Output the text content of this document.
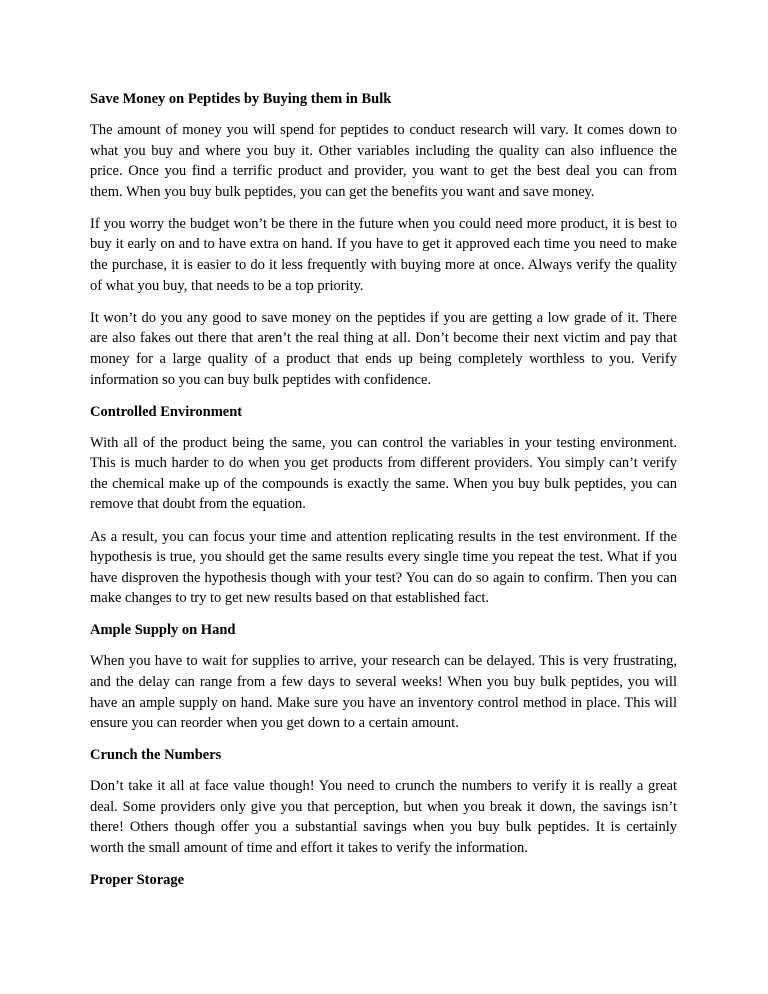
Save Money on Peptides by Buying them in Bulk

The amount of money you will spend for peptides to conduct research will vary. It comes down to what you buy and where you buy it. Other variables including the quality can also influence the price. Once you find a terrific product and provider, you want to get the best deal you can from them. When you buy bulk peptides, you can get the benefits you want and save money.

If you worry the budget won’t be there in the future when you could need more product, it is best to buy it early on and to have extra on hand. If you have to get it approved each time you need to make the purchase, it is easier to do it less frequently with buying more at once. Always verify the quality of what you buy, that needs to be a top priority.

It won’t do you any good to save money on the peptides if you are getting a low grade of it. There are also fakes out there that aren’t the real thing at all. Don’t become their next victim and pay that money for a large quality of a product that ends up being completely worthless to you. Verify information so you can buy bulk peptides with confidence.

Controlled Environment

With all of the product being the same, you can control the variables in your testing environment. This is much harder to do when you get products from different providers. You simply can’t verify the chemical make up of the compounds is exactly the same. When you buy bulk peptides, you can remove that doubt from the equation.

As a result, you can focus your time and attention replicating results in the test environment. If the hypothesis is true, you should get the same results every single time you repeat the test. What if you have disproven the hypothesis though with your test? You can do so again to confirm. Then you can make changes to try to get new results based on that established fact.

Ample Supply on Hand

When you have to wait for supplies to arrive, your research can be delayed. This is very frustrating, and the delay can range from a few days to several weeks! When you buy bulk peptides, you will have an ample supply on hand. Make sure you have an inventory control method in place. This will ensure you can reorder when you get down to a certain amount.

Crunch the Numbers

Don’t take it all at face value though! You need to crunch the numbers to verify it is really a great deal. Some providers only give you that perception, but when you break it down, the savings isn’t there! Others though offer you a substantial savings when you buy bulk peptides. It is certainly worth the small amount of time and effort it takes to verify the information.

Proper Storage
